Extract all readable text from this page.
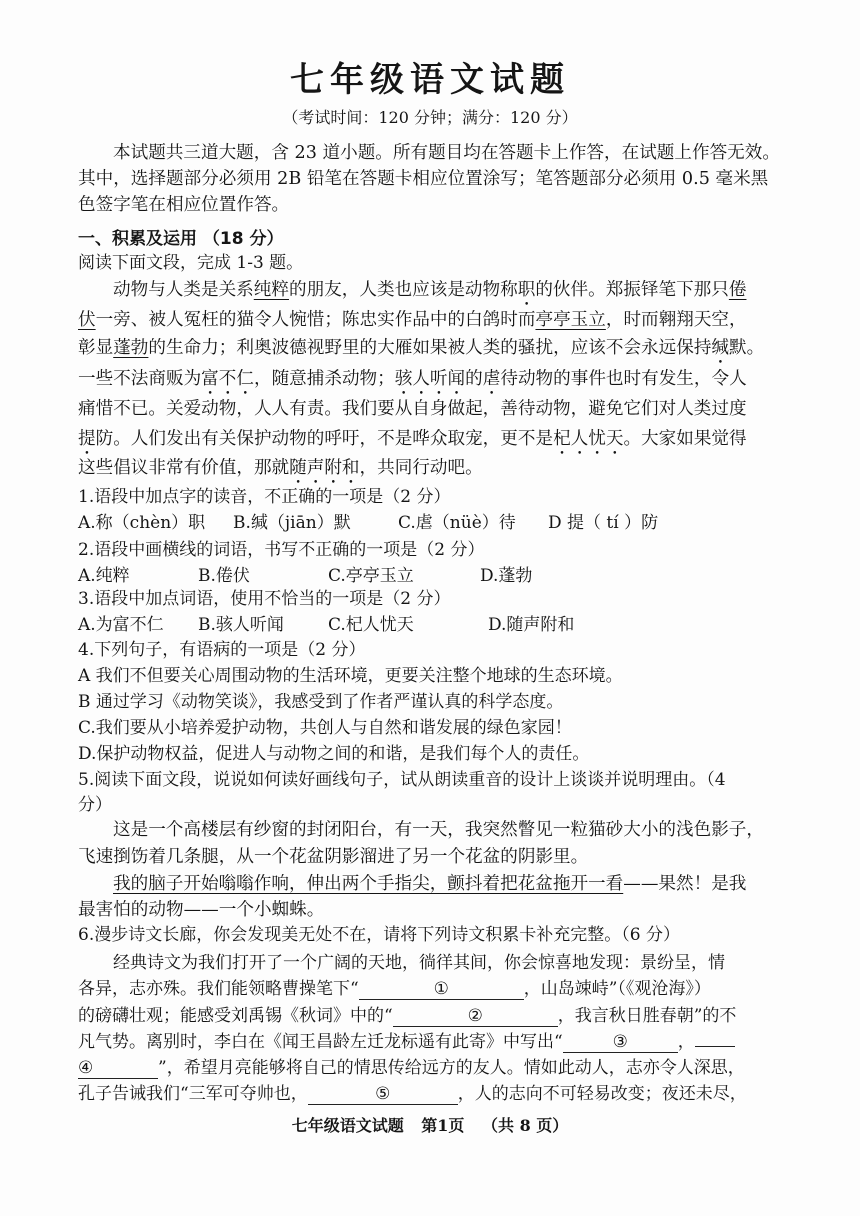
七年级语文试题
（考试时间：120 分钟；满分：120 分）
本试题共三道大题，含 23 道小题。所有题目均在答题卡上作答，在试题上作答无效。
其中，选择题部分必须用 2B 铅笔在答题卡相应位置涂写；笔答题部分必须用 0.5 毫米黑
色签字笔在相应位置作答。
一、积累及运用 （18 分）
阅读下面文段，完成 1-3 题。
动物与人类是关系纯粹的朋友，人类也应该是动物称职的伙伴。郑振铎笔下那只倦
伏一旁、被人冤枉的猫令人惋惜；陈忠实作品中的白鸽时而亭亭玉立，时而翱翔天空，
彰显蓬勃的生命力；利奥波德视野里的大雁如果被人类的骚扰，应该不会永远保持缄默。
一些不法商贩为富不仁，随意捕杀动物；骇人听闻的虐待动物的事件也时有发生，令人
痛惜不已。关爱动物，人人有责。我们要从自身做起，善待动物，避免它们对人类过度
提防。人们发出有关保护动物的呼吁，不是哗众取宠，更不是杞人忧天。大家如果觉得
这些倡议非常有价值，那就随声附和，共同行动吧。
1.语段中加点字的读音，不正确的一项是（2 分）
A.称（chèn）职 B.缄（jiān）默	C.虐（nüè）待 D 提（ tí ）防
2.语段中画横线的词语，书写不正确的一项是（2 分）
A.纯粹	B.倦伏	C.亭亭玉立	D.蓬勃
3.语段中加点词语，使用不恰当的一项是（2 分）
A.为富不仁 B.骇人听闻	C.杞人忧天	D.随声附和
4.下列句子，有语病的一项是（2 分）
A 我们不但要关心周围动物的生活环境，更要关注整个地球的生态环境。
B 通过学习《动物笑谈》，我感受到了作者严谨认真的科学态度。
C.我们要从小培养爱护动物，共创人与自然和谐发展的绿色家园！
D.保护动物权益，促进人与动物之间的和谐，是我们每个人的责任。
5.阅读下面文段，说说如何读好画线句子，试从朗读重音的设计上谈谈并说明理由。（4
分）
这是一个高楼层有纱窗的封闭阳台，有一天，我突然瞥见一粒猫砂大小的浅色影子，
飞速捯饬着几条腿，从一个花盆阴影溜进了另一个花盆的阴影里。
我的脑子开始嗡嗡作响，伸出两个手指尖，颤抖着把花盆拖开一看——果然！是我
最害怕的动物——一个小蜘蛛。
6.漫步诗文长廊，你会发现美无处不在，请将下列诗文积累卡补充完整。（6 分）
经典诗文为我们打开了一个广阔的天地，徜徉其间，你会惊喜地发现：景纷呈，情
各异，志亦殊。我们能领略曹操笔下“	①	，山岛竦峙”（《观沧海》）
的磅礴壮观；能感受刘禹锡《秋词》中的“	②	，我言秋日胜春朝”的不
凡气势。离别时，李白在《闻王昌龄左迁龙标遥有此寄》中写出“	③	，
④	”，希望月亮能够将自己的情思传给远方的友人。情如此动人，志亦令人深思，
孔子告诫我们“三军可夺帅也，	⑤	，人的志向不可轻易改变；夜还未尽，
七年级语文试题 第1页 （共 8 页）
